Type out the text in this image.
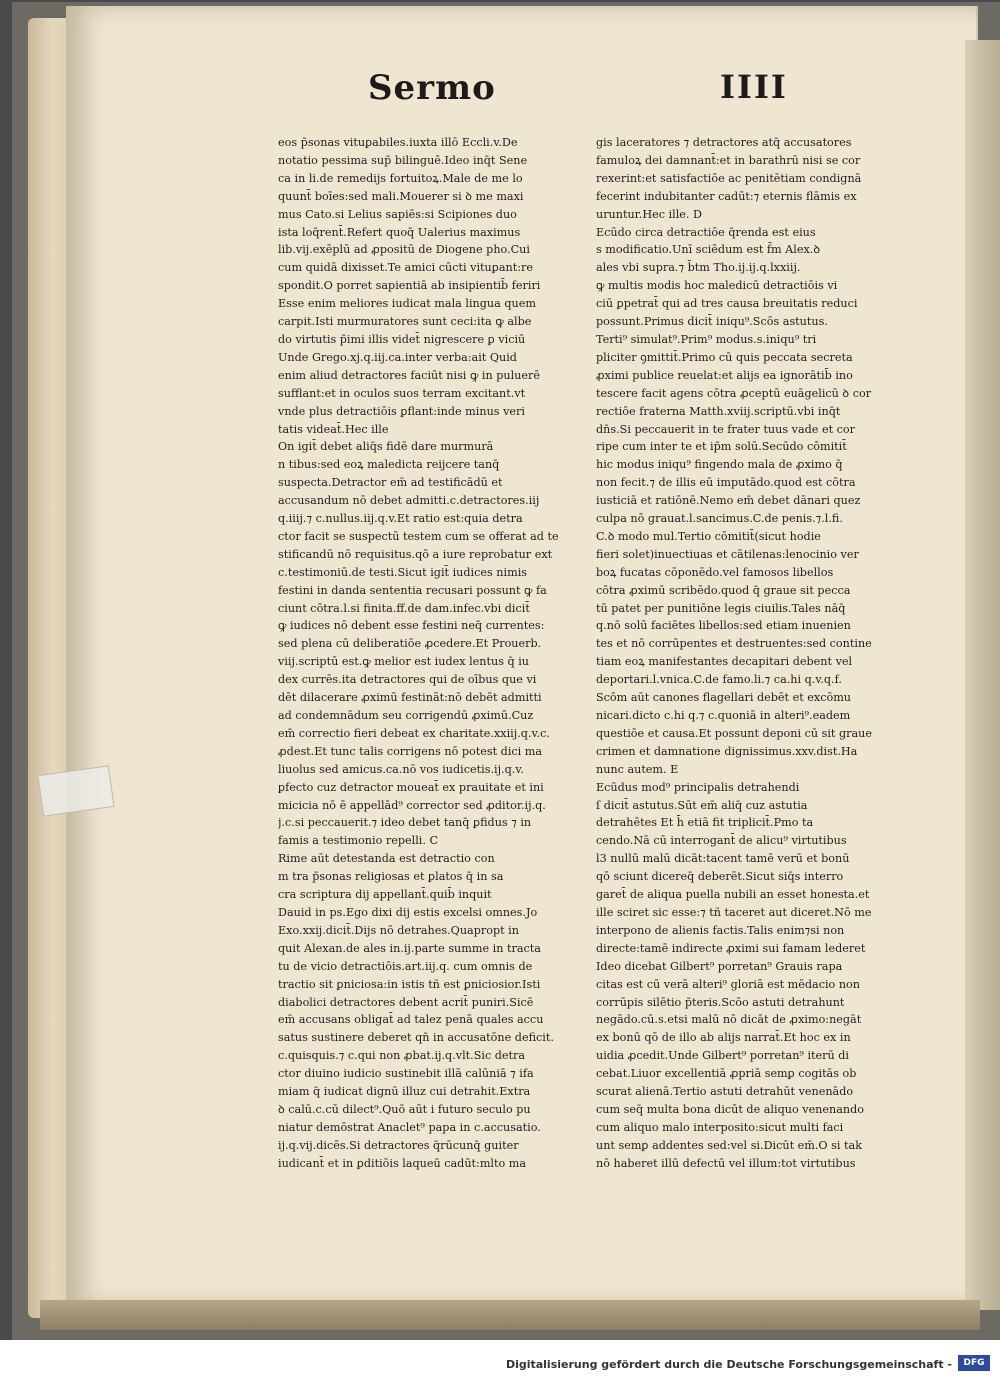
Sermo	IIII
eos p̄sonas vituꝑabiles.iuxta illō Eccli.v.De
notatio pessima sup̄ bilinguē.Ideo inq̄t Sene
ca in li.de remedijs fortuitoꝝ.Male de me lo
quunt̄ boīes:sed mali.Mouerer si ꝺ me maxi
mus Cato.si Lelius sapiēs:si Scipiones duo
ista loq̄rent̄.Refert quoq̄ Ualerius maximus
lib.vij.exēplū ad ꝓpositū de Diogene pho.Cui
cum quidā dixisset.Te amici cūcti vituꝑant:re
spondit.O porret sapientiā ab insipientib̄ feriri
Esse enim meliores iudicat mala lingua quem
carpit.Isti murmuratores sunt ceci:ita ꝙ albe
do virtutis p̄imi illis videt̄ nigrescere ꝑ viciū
Unde Grego.xj.q.iij.ca.inter verba:ait Quid
enim aliud detractores faciūt nisi ꝙ in puluerē
sufflant:et in oculos suos terram excitant.vt
vnde plus detractiōis ꝑflant:inde minus veri
tatis videat̄.Hec ille
On igit̄ debet aliq̄s fidē dare murmurā
n tibus:sed eoꝝ maledicta reijcere tanq̄
suspecta.Detractor em̄ ad testificādū et
accusandum nō debet admitti.c.detractores.iij
q.iiij.⁊ c.nullus.iij.q.v.Et ratio est:quia detra
ctor facit se suspectū testem cum se offerat ad te
stificandū nō requisitus.qō a iure reprobatur ext
c.testimoniū.de testi.Sicut igit̄ iudices nimis
festini in danda sententia recusari possunt ꝙ fa
ciunt cōtra.l.si finita.ff.de dam.infec.vbi dicit̄
ꝙ iudices nō debent esse festini neq̄ currentes:
sed plena cū deliberatiōe ꝓcedere.Et Prouerb.
viij.scriptū est.ꝙ melior est iudex lentus q̄ iu
dex currēs.ita detractores qui de oībus que vi
dēt dilacerare ꝓximū festināt:nō debēt admitti
ad condemnādum seu corrigendū ꝓximū.Cuz
em̄ correctio fieri debeat ex charitate.xxiij.q.v.c.
ꝓdest.Et tunc talis corrigens nō potest dici ma
liuolus sed amicus.ca.nō vos iudicetis.ij.q.v.
ꝑfecto cuz detractor moueat̄ ex prauitate et ini
micicia nō ē appellād⁹ corrector sed ꝓditor.ij.q.
j.c.si peccauerit.⁊ ideo debet tanq̄ ꝑfidus ⁊ in
famis a testimonio repelli. C
Rime aūt detestanda est detractio con
m tra p̄sonas religiosas et ꝑlatos q̄ in sa
cra scriptura dij appellant̄.quib̄ inquit
Dauid in ps.Ego dixi dij estis excelsi omnes.Jo
Exo.xxij.dicit̄.Dijs nō detrahes.Quapropt in
quit Alexan.de ales in.ij.parte summe in tracta
tu de vicio detractiōis.art.iij.q. cum omnis de
tractio sit ꝑniciosa:in istis tñ est ꝑniciosior.Isti
diabolici detractores debent acrit̄ puniri.Sicē
em̄ accusans obligat̄ ad talez penā quales accu
satus sustinere deberet qn̄ in accusatōne deficit.
c.quisquis.⁊ c.qui non ꝓbat.ij.q.vlt.Sic detra
ctor diuino iudicio sustinebit illā calūniā ⁊ ifa
miam q̄ iudicat dignū illuz cui detrahit.Extra
ꝺ calū.c.cū dilect⁹.Quō aūt i futuro seculo pu
niatur demōstrat Anaclet⁹ papa in c.accusatio.
ij.q.vij.dicēs.Si detractores q̄rūcunq̄ guiter
iudicant̄ et in ꝑditiōis laqueū cadūt:mlto ma
gis laceratores ⁊ detractores atq̄ accusatores
famuloꝝ dei damnant̄:et in barathrū nisi se cor
rexerint:et satisfactiōe ac penitētiam condignā
fecerint indubitanter cadūt:⁊ eternis flāmis ex
uruntur.Hec ille. D
Ecūdo circa detractiōe q̄renda est eius
s modificatio.Unī sciēdum est f̄m Alex.ꝺ
ales vbi supra.⁊ b̄tm Tho.ij.ij.q.lxxiij.
ꝙ multis modis hoc maledicū detractiōis vi
ciū ꝑpetrat̄ qui ad tres causa breuitatis reduci
possunt.Primus dicit̄ iniqu⁹.Scōs astutus.
Terti⁹ simulat⁹.Prim⁹ modus.s.iniqu⁹ tri
pliciter ꝯmittit̄.Primo cū quis peccata secreta
ꝓximi publice reuelat:et alijs ea ignorātib̄ ino
tescere facit agens cōtra ꝓceptū euāgelicū ꝺ cor
rectiōe fraterna Matth.xviij.scriptū.vbi inq̄t
dn̄s.Si peccauerit in te frater tuus vade et cor
ripe cum inter te et ip̄m solū.Secūdo cōmitit̄
hic modus iniqu⁹ fingendo mala de ꝓximo q̄
non fecit.⁊ de illis eū imputādo.quod est cōtra
iusticiā et ratiōnē.Nemo em̄ debet dānari quez
culpa nō grauat.l.sancimus.C.de penis.⁊.l.fi.
C.ꝺ modo mul.Tertio cōmitit̄(sicut hodie
fieri solet)inuectiuas et cātilenas:lenocinio ver
boꝝ fucatas cōponēdo.vel famosos libellos
cōtra ꝓximū scribēdo.quod q̄ graue sit pecca
tū patet per punitiōne legis ciuilis.Tales nāq̄
q.nō solū faciētes libellos:sed etiam inuenien
tes et nō corrūpentes et destruentes:sed contine
tiam eoꝝ manifestantes decapitari debent vel
deportari.l.vnica.C.de famo.li.⁊ ca.hi q.v.q.f.
Scōm aūt canones flagellari debēt et excōmu
nicari.dicto c.hi q.⁊ c.quoniā in alteri⁹.eadem
questiōe et causa.Et possunt deponi cū sit graue
crimen et damnatione dignissimus.xxv.dist.Ha
nunc autem. E
Ecūdus mod⁹ principalis detrahendi
ſ dicit̄ astutus.Sūt em̄ aliq̄ cuz astutia
detrahētes Et h̄ etiā fit triplicit̄.Pmo ta
cendo.Nā cū interrogant̄ de alicu⁹ virtutibus
l3 nullū malū dicāt:tacent tamē verū et bonū
qō sciunt dicereq̄ deberēt.Sicut siq̄s interro
garet̄ de aliqua puella nubili an esset honesta.et
ille sciret sic esse:⁊ tñ taceret aut diceret.Nō me
interpono de alienis factis.Talis enim⁊si non
directe:tamē indirecte ꝓximi sui famam lederet
Ideo dicebat Gilbert⁹ porretan⁹ Grauis rapa
citas est cū verā alteri⁹ gloriā est mēdacio non
corrūpis silētio p̄teris.Scōo astuti detrahunt
negādo.cū.s.etsi malū nō dicāt de ꝓximo:negāt
ex bonū qō de illo ab alijs narrat̄.Et hoc ex in
uidia ꝓcedit.Unde Gilbert⁹ porretan⁹ iterū di
cebat.Liuor excellentiā ꝓpriā semꝑ cogitās ob
scurat alienā.Tertio astuti detrahūt venenādo
cum seq̄ multa bona dicūt de aliquo venenando
cum aliquo malo interposito:sicut multi faci
unt semꝑ addentes sed:vel si.Dicūt em̄.O si tak
nō haberet illū defectū vel illum:tot virtutibus
Digitalisierung gefördert durch die Deutsche Forschungsgemeinschaft -	DFG
